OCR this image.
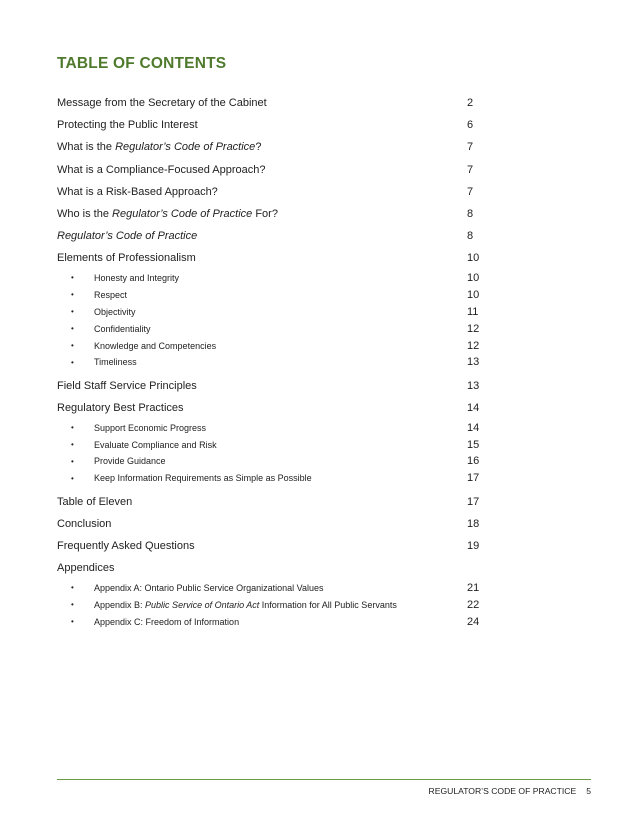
TABLE OF CONTENTS
Message from the Secretary of the Cabinet	2
Protecting the Public Interest	6
What is the Regulator’s Code of Practice?	7
What is a Compliance-Focused Approach?	7
What is a Risk-Based Approach?	7
Who is the Regulator’s Code of Practice For?	8
Regulator’s Code of Practice	8
Elements of Professionalism	10
• Honesty and Integrity	10
• Respect	10
• Objectivity	11
• Confidentiality	12
• Knowledge and Competencies	12
• Timeliness	13
Field Staff Service Principles	13
Regulatory Best Practices	14
• Support Economic Progress	14
• Evaluate Compliance and Risk	15
• Provide Guidance	16
• Keep Information Requirements as Simple as Possible	17
Table of Eleven	17
Conclusion	18
Frequently Asked Questions	19
Appendices
• Appendix A: Ontario Public Service Organizational Values	21
• Appendix B: Public Service of Ontario Act Information for All Public Servants	22
• Appendix C: Freedom of Information	24
REGULATOR’S CODE OF PRACTICE 5
